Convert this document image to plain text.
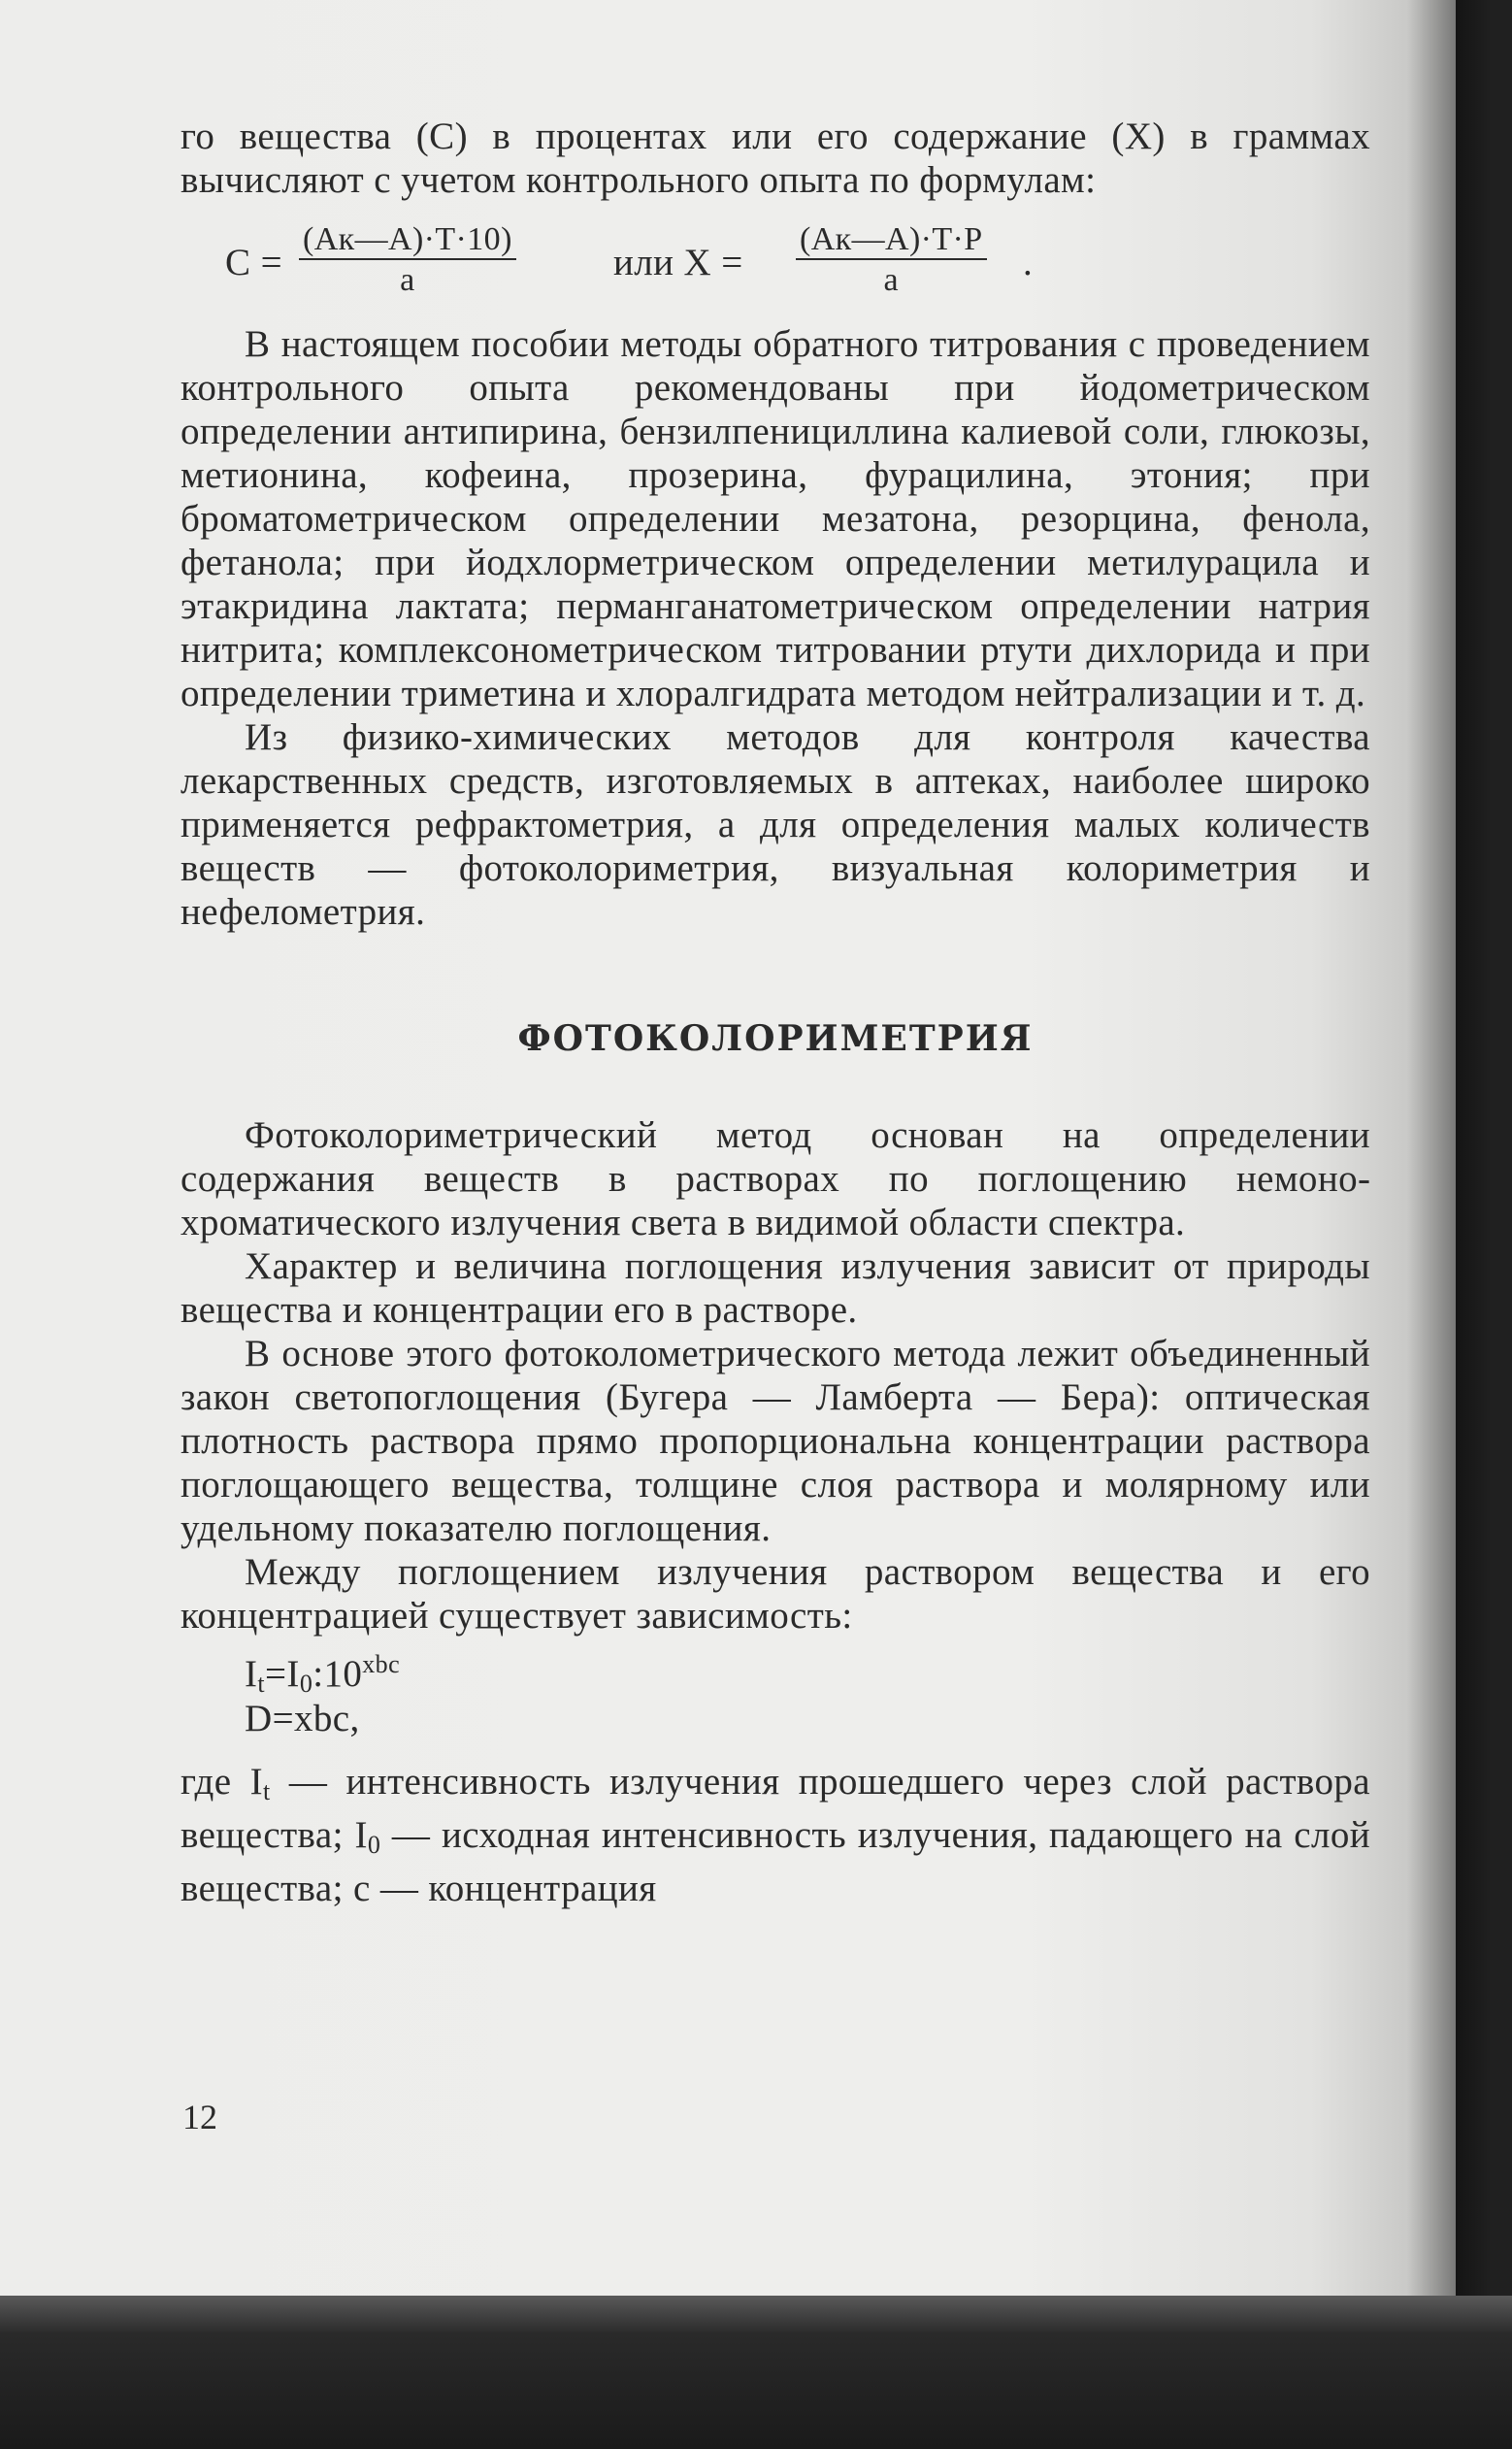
го вещества (С) в процентах или его содержание (X) в граммах вычисляют с учетом контрольного опыта по формулам:

С =
(Ак—А)·Т·10)
а	или X =
(Ак—А)·Т·Р
а	.

В настоящем пособии методы обратного титрования с проведением контрольного опыта рекомендованы при йодометрическом определении антипирина, бензилпенициллина калиевой соли, глюкозы, метионина, кофеина, прозерина, фурацилина, этония; при броматометрическом определении мезатона, резорцина, фенола, фетанола; при йодхлорметрическом определении метилурацила и этакридина лактата; перманганатометрическом определении натрия нитрита; комплексонометрическом титровании ртути дихлорида и при определении триметина и хлоралгидрата методом нейтрализации и т. д.

Из физико-химических методов для контроля качества лекарственных средств, изготовляемых в аптеках, наиболее широко применяется рефрактометрия, а для определения малых количеств веществ — фотоколориметрия, визуальная колориметрия и нефелометрия.

ФОТОКОЛОРИМЕТРИЯ

Фотоколориметрический метод основан на определении содержания веществ в растворах по поглощению немонохроматического излучения света в видимой области спектра.

Характер и величина поглощения излучения зависит от природы вещества и концентрации его в растворе.

В основе этого фотоколометрического метода лежит объединенный закон светопоглощения (Бугера — Ламберта — Бера): оптическая плотность раствора прямо пропорциональна концентрации раствора поглощающего вещества, толщине слоя раствора и молярному или удельному показателю поглощения.

Между поглощением излучения раствором вещества и его концентрацией существует зависимость:

$I_t=I_0:10^{xbc}$
D=xbc,

где $I_t$ — интенсивность излучения прошедшего через слой раствора вещества; $I_0$ — исходная интенсивность излучения, падающего на слой вещества; с — концентрация

12
